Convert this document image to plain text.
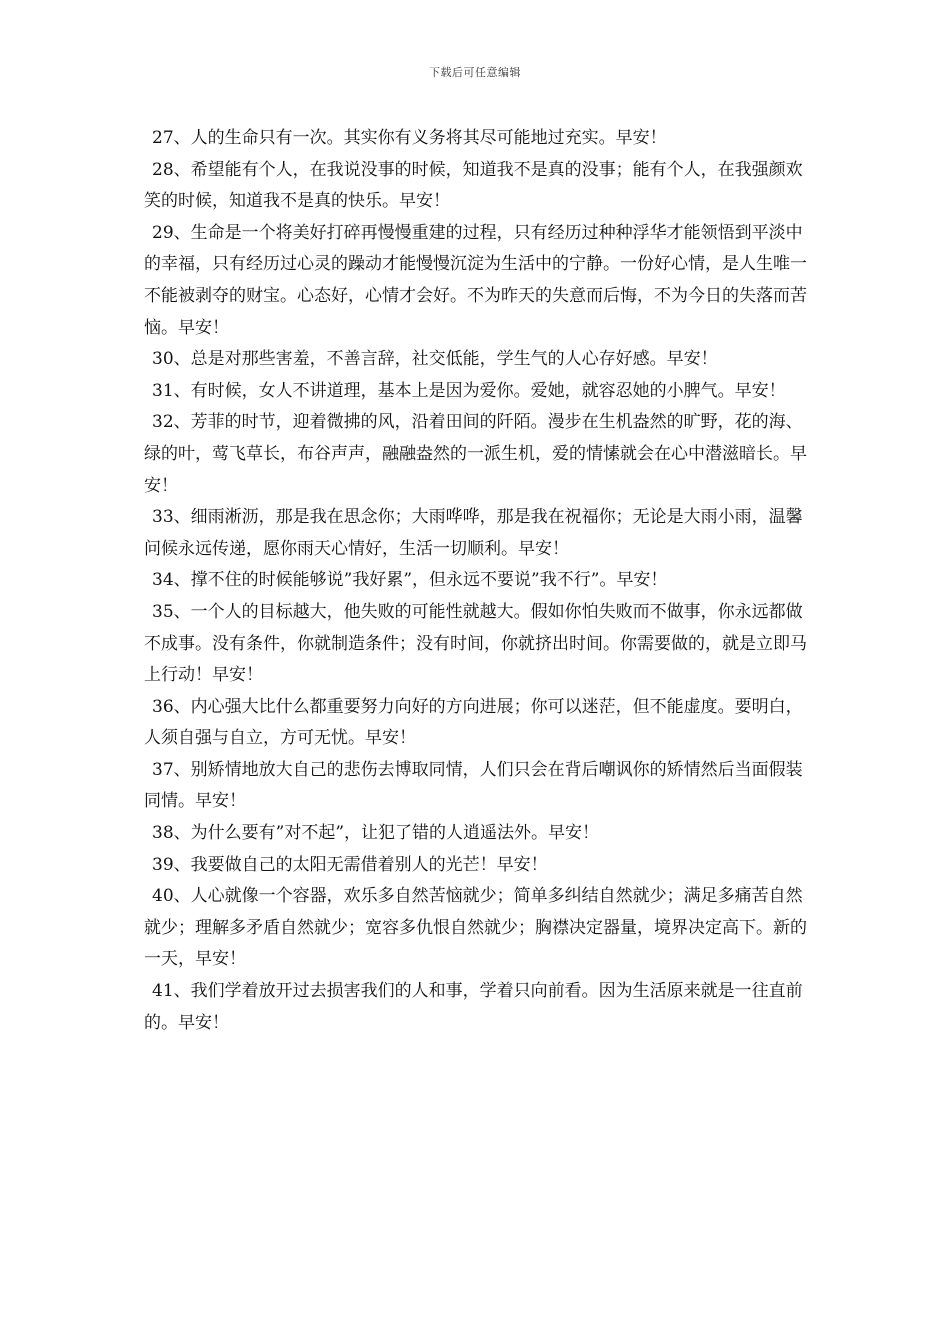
下载后可任意编辑

27、人的生命只有一次。其实你有义务将其尽可能地过充实。早安！

28、希望能有个人，在我说没事的时候，知道我不是真的没事；能有个人，在我强颜欢笑的时候，知道我不是真的快乐。早安！

29、生命是一个将美好打碎再慢慢重建的过程，只有经历过种种浮华才能领悟到平淡中的幸福，只有经历过心灵的躁动才能慢慢沉淀为生活中的宁静。一份好心情，是人生唯一不能被剥夺的财宝。心态好，心情才会好。不为昨天的失意而后悔，不为今日的失落而苦恼。早安！

30、总是对那些害羞，不善言辞，社交低能，学生气的人心存好感。早安！

31、有时候，女人不讲道理，基本上是因为爱你。爱她，就容忍她的小脾气。早安！

32、芳菲的时节，迎着微拂的风，沿着田间的阡陌。漫步在生机盎然的旷野，花的海、绿的叶，莺飞草长，布谷声声，融融盎然的一派生机，爱的情愫就会在心中潜滋暗长。早安！

33、细雨淅沥，那是我在思念你；大雨哗哗，那是我在祝福你；无论是大雨小雨，温馨问候永远传递，愿你雨天心情好，生活一切顺利。早安！

34、撑不住的时候能够说”我好累”，但永远不要说”我不行”。早安！

35、一个人的目标越大，他失败的可能性就越大。假如你怕失败而不做事，你永远都做不成事。没有条件，你就制造条件；没有时间，你就挤出时间。你需要做的，就是立即马上行动！早安！

36、内心强大比什么都重要努力向好的方向进展；你可以迷茫，但不能虚度。要明白，人须自强与自立，方可无忧。早安！

37、别矫情地放大自己的悲伤去博取同情，人们只会在背后嘲讽你的矫情然后当面假装同情。早安！

38、为什么要有”对不起”，让犯了错的人逍遥法外。早安！

39、我要做自己的太阳无需借着别人的光芒！早安！

40、人心就像一个容器，欢乐多自然苦恼就少；简单多纠结自然就少；满足多痛苦自然就少；理解多矛盾自然就少；宽容多仇恨自然就少；胸襟决定器量，境界决定高下。新的一天，早安！

41、我们学着放开过去损害我们的人和事，学着只向前看。因为生活原来就是一往直前的。早安！
